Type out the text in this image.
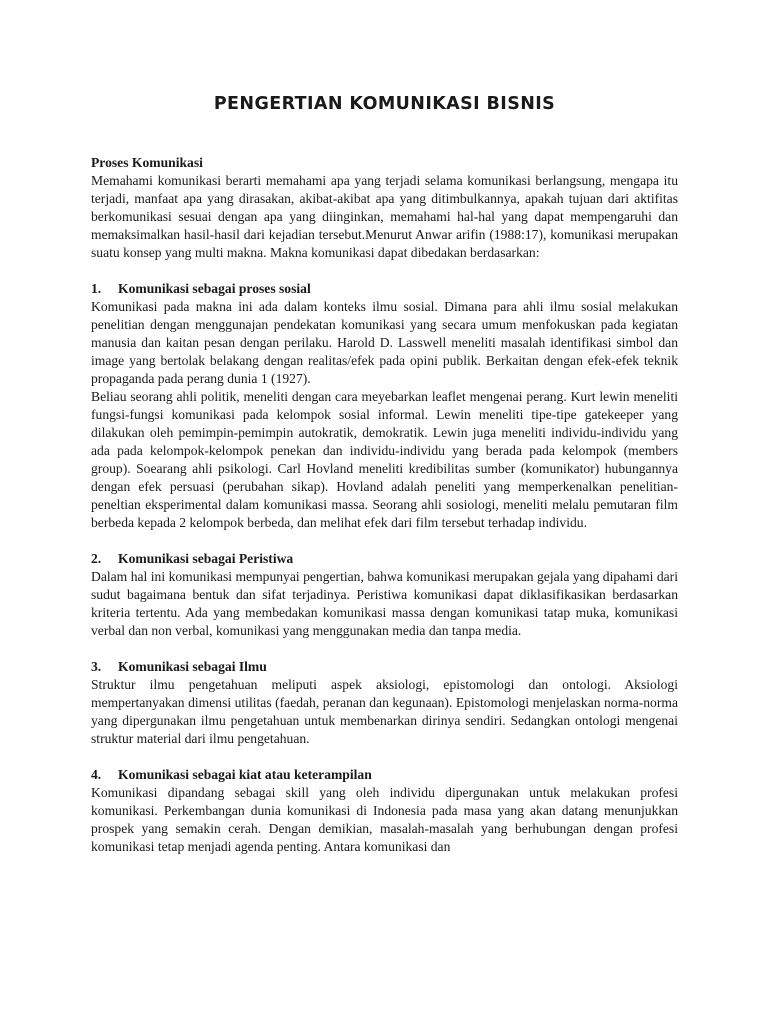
PENGERTIAN KOMUNIKASI BISNIS
Proses Komunikasi

Memahami komunikasi berarti memahami apa yang terjadi selama komunikasi berlangsung, mengapa itu terjadi, manfaat apa yang dirasakan, akibat-akibat apa yang ditimbulkannya, apakah tujuan dari aktifitas berkomunikasi sesuai dengan apa yang diinginkan, memahami hal-hal yang dapat mempengaruhi dan memaksimalkan hasil-hasil dari kejadian tersebut.Menurut Anwar arifin (1988:17), komunikasi merupakan suatu konsep yang multi makna. Makna komunikasi dapat dibedakan berdasarkan:

1.	Komunikasi sebagai proses sosial

Komunikasi pada makna ini ada dalam konteks ilmu sosial. Dimana para ahli ilmu sosial melakukan penelitian dengan menggunajan pendekatan komunikasi yang secara umum menfokuskan pada kegiatan manusia dan kaitan pesan dengan perilaku. Harold D. Lasswell meneliti masalah identifikasi simbol dan image yang bertolak belakang dengan realitas/efek pada opini publik. Berkaitan dengan efek-efek teknik propaganda pada perang dunia 1 (1927).

Beliau seorang ahli politik, meneliti dengan cara meyebarkan leaflet mengenai perang. Kurt lewin meneliti fungsi-fungsi komunikasi pada kelompok sosial informal. Lewin meneliti tipe-tipe gatekeeper yang dilakukan oleh pemimpin-pemimpin autokratik, demokratik. Lewin juga meneliti individu-individu yang ada pada kelompok-kelompok penekan dan individu-individu yang berada pada kelompok (members group). Soearang ahli psikologi. Carl Hovland meneliti kredibilitas sumber (komunikator) hubungannya dengan efek persuasi (perubahan sikap). Hovland adalah peneliti yang memperkenalkan penelitian-peneltian eksperimental dalam komunikasi massa. Seorang ahli sosiologi, meneliti melalu pemutaran film berbeda kepada 2 kelompok berbeda, dan melihat efek dari film tersebut terhadap individu.

2.	Komunikasi sebagai Peristiwa

Dalam hal ini komunikasi mempunyai pengertian, bahwa komunikasi merupakan gejala yang dipahami dari sudut bagaimana bentuk dan sifat terjadinya. Peristiwa komunikasi dapat diklasifikasikan berdasarkan kriteria tertentu. Ada yang membedakan komunikasi massa dengan komunikasi tatap muka, komunikasi verbal dan non verbal, komunikasi yang menggunakan media dan tanpa media.

3.	Komunikasi sebagai Ilmu

Struktur ilmu pengetahuan meliputi aspek aksiologi, epistomologi dan ontologi. Aksiologi mempertanyakan dimensi utilitas (faedah, peranan dan kegunaan). Epistomologi menjelaskan norma-norma yang dipergunakan ilmu pengetahuan untuk membenarkan dirinya sendiri. Sedangkan ontologi mengenai struktur material dari ilmu pengetahuan.

4.	Komunikasi sebagai kiat atau keterampilan

Komunikasi dipandang sebagai skill yang oleh individu dipergunakan untuk melakukan profesi komunikasi. Perkembangan dunia komunikasi di Indonesia pada masa yang akan datang menunjukkan prospek yang semakin cerah. Dengan demikian, masalah-masalah yang berhubungan dengan profesi komunikasi tetap menjadi agenda penting. Antara komunikasi dan
